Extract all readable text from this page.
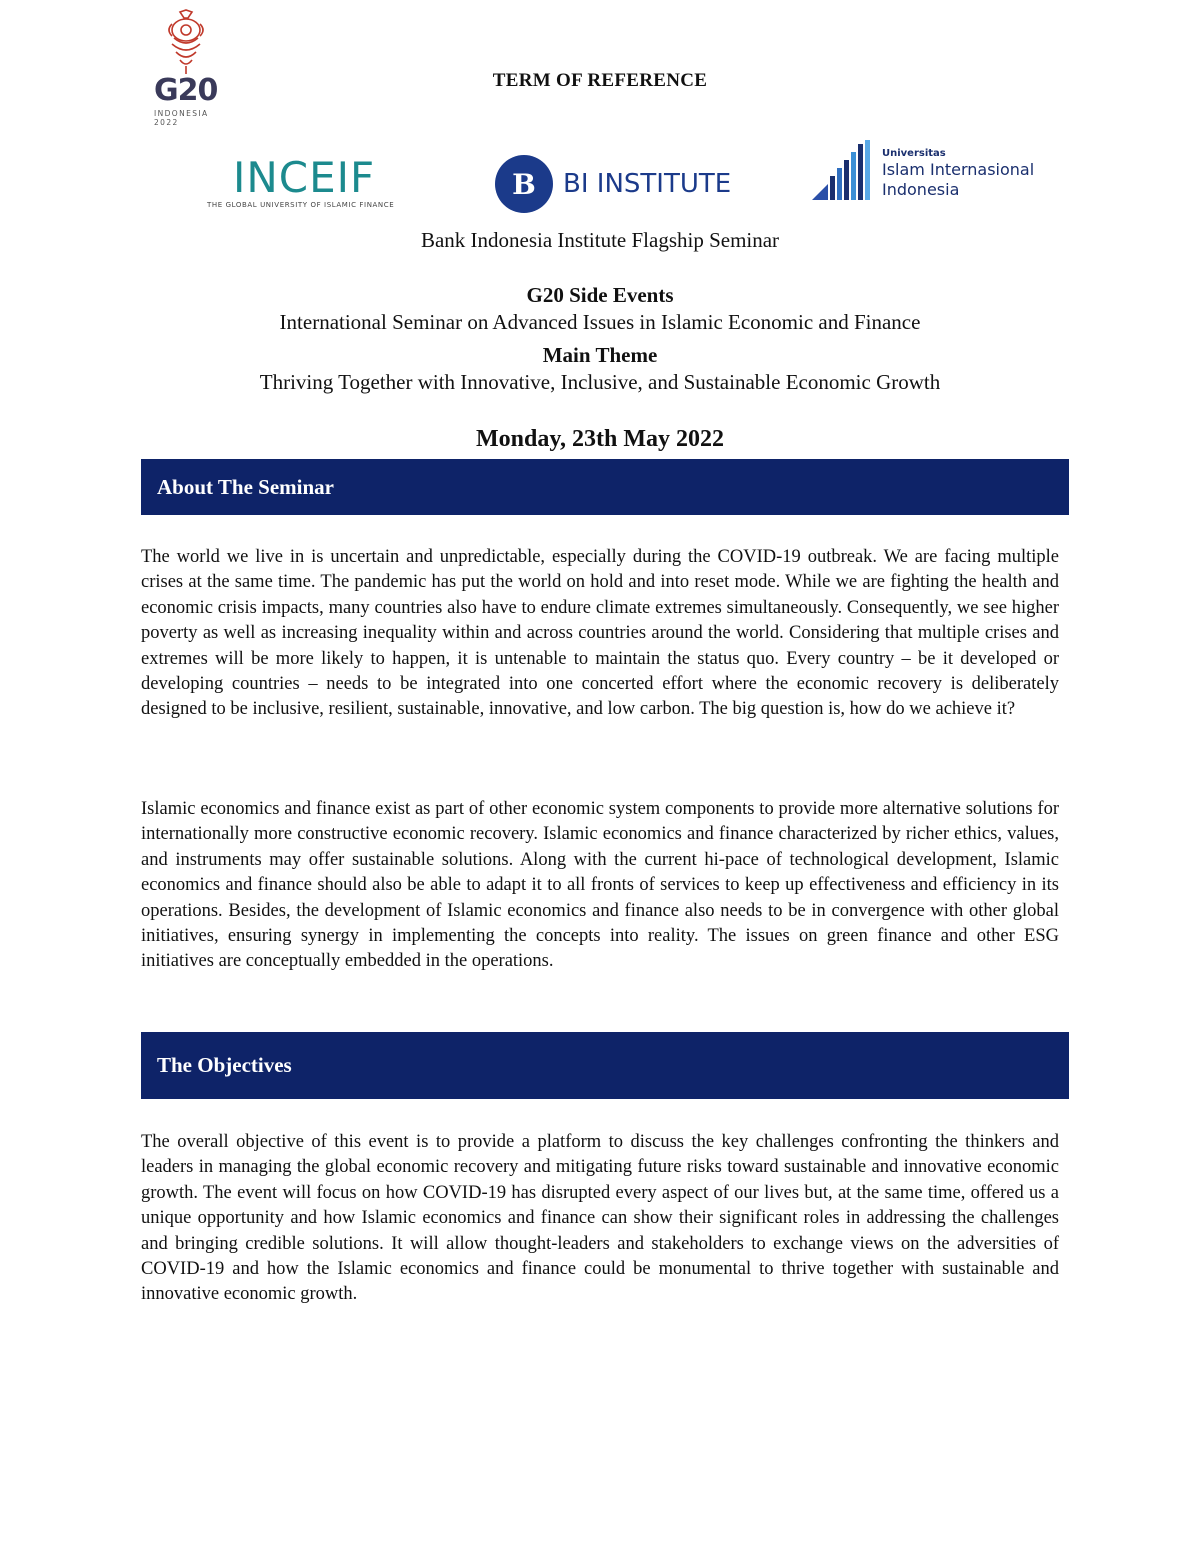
G20
INDONESIA
2022
TERM OF REFERENCE
INCEIF
THE GLOBAL UNIVERSITY OF ISLAMIC FINANCE
B BI INSTITUTE
Universitas
Islam Internasional
Indonesia
Bank Indonesia Institute Flagship Seminar
G20 Side Events
International Seminar on Advanced Issues in Islamic Economic and Finance
Main Theme
Thriving Together with Innovative, Inclusive, and Sustainable Economic Growth
Monday, 23th May 2022
About The Seminar

The world we live in is uncertain and unpredictable, especially during the COVID-19 outbreak. We are facing multiple crises at the same time. The pandemic has put the world on hold and into reset mode. While we are fighting the health and economic crisis impacts, many countries also have to endure climate extremes simultaneously. Consequently, we see higher poverty as well as increasing inequality within and across countries around the world. Considering that multiple crises and extremes will be more likely to happen, it is untenable to maintain the status quo. Every country – be it developed or developing countries – needs to be integrated into one concerted effort where the economic recovery is deliberately designed to be inclusive, resilient, sustainable, innovative, and low carbon. The big question is, how do we achieve it?

Islamic economics and finance exist as part of other economic system components to provide more alternative solutions for internationally more constructive economic recovery. Islamic economics and finance characterized by richer ethics, values, and instruments may offer sustainable solutions. Along with the current hi-pace of technological development, Islamic economics and finance should also be able to adapt it to all fronts of services to keep up effectiveness and efficiency in its operations. Besides, the development of Islamic economics and finance also needs to be in convergence with other global initiatives, ensuring synergy in implementing the concepts into reality. The issues on green finance and other ESG initiatives are conceptually embedded in the operations.

The Objectives

The overall objective of this event is to provide a platform to discuss the key challenges confronting the thinkers and leaders in managing the global economic recovery and mitigating future risks toward sustainable and innovative economic growth. The event will focus on how COVID-19 has disrupted every aspect of our lives but, at the same time, offered us a unique opportunity and how Islamic economics and finance can show their significant roles in addressing the challenges and bringing credible solutions. It will allow thought-leaders and stakeholders to exchange views on the adversities of COVID-19 and how the Islamic economics and finance could be monumental to thrive together with sustainable and innovative economic growth.
